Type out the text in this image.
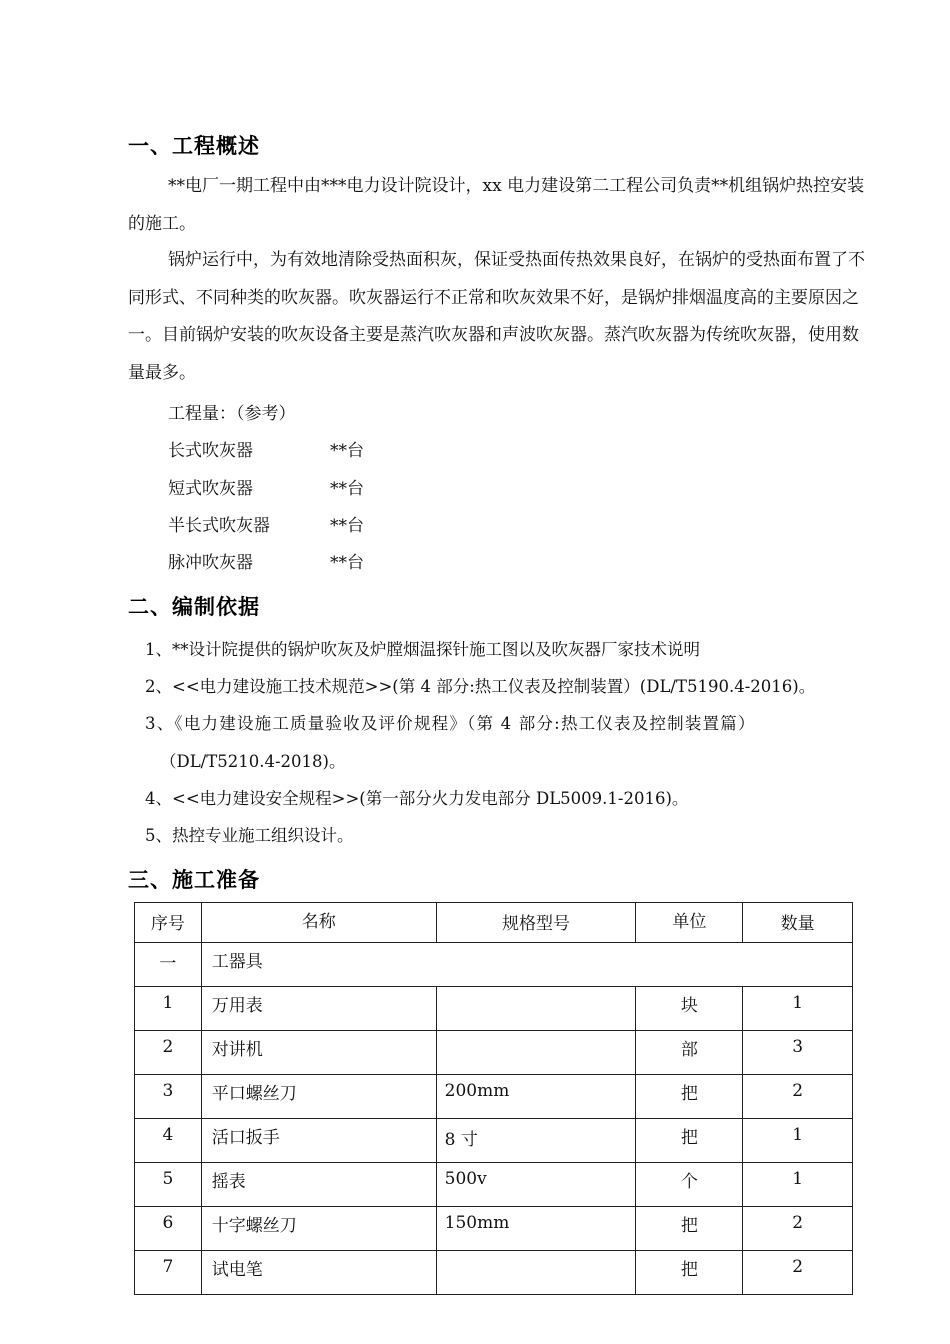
一、工程概述

**电厂一期工程中由***电力设计院设计，xx 电力建设第二工程公司负责**机组锅炉热控安装的施工。

锅炉运行中，为有效地清除受热面积灰，保证受热面传热效果良好，在锅炉的受热面布置了不同形式、不同种类的吹灰器。吹灰器运行不正常和吹灰效果不好，是锅炉排烟温度高的主要原因之一。目前锅炉安装的吹灰设备主要是蒸汽吹灰器和声波吹灰器。蒸汽吹灰器为传统吹灰器，使用数量最多。

工程量：（参考）
长式吹灰器	**台
短式吹灰器	**台
半长式吹灰器	**台
脉冲吹灰器	**台
二、编制依据
1、**设计院提供的锅炉吹灰及炉膛烟温探针施工图以及吹灰器厂家技术说明
2、<<电力建设施工技术规范>>(第 4 部分:热工仪表及控制装置）(DL/T5190.4-2016)。
3、《电力建设施工质量验收及评价规程》（第 4 部分:热工仪表及控制装置篇）
（DL/T5210.4-2018)。
4、<<电力建设安全规程>>(第一部分火力发电部分 DL5009.1-2016)。
5、热控专业施工组织设计。
三、施工准备
序号	名称	规格型号	单位	数量
一	工器具			
1	万用表		块	1
2	对讲机		部	3
3	平口螺丝刀	200mm	把	2
4	活口扳手	8 寸	把	1
5	摇表	500v	个	1
6	十字螺丝刀	150mm	把	2
7	试电笔		把	2
